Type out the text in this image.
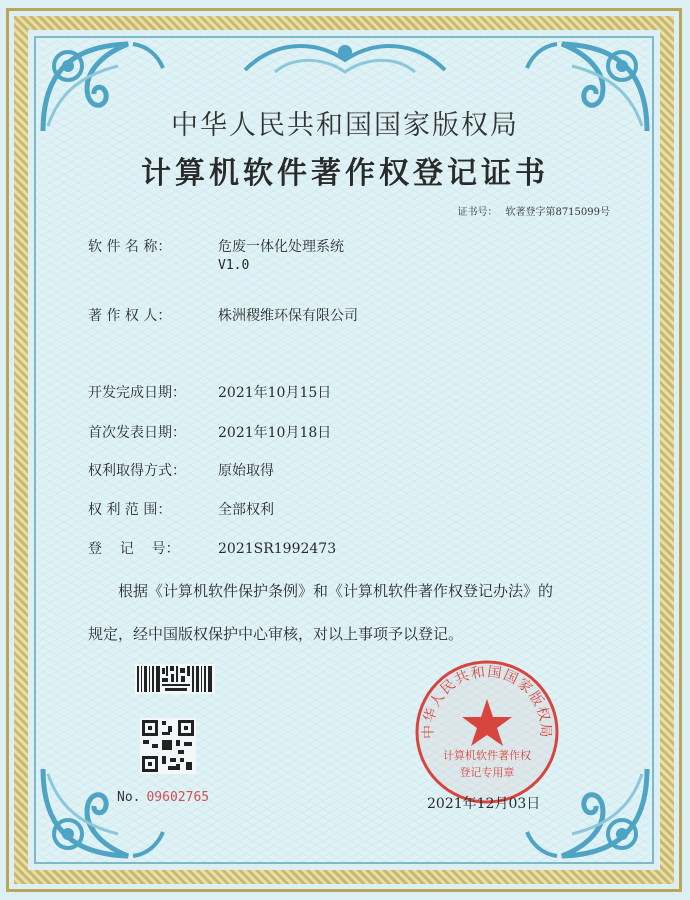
中华人民共和国国家版权局
计算机软件著作权登记证书
证书号： 软著登字第8715099号
软 件 名 称：	危废一体化处理系统
V1.0
著 作 权 人：	株洲稷维环保有限公司
开发完成日期： 2021年10月15日
首次发表日期： 2021年10月18日
权利取得方式： 原始取得
权 利 范 围：	全部权利
登    记    号：	2021SR1992473
根据《计算机软件保护条例》和《计算机软件著作权登记办法》的
规定，经中国版权保护中心审核，对以上事项予以登记。
No. 09602765
中华人民共和国国家版权局
计算机软件著作权
登记专用章
2021年12月03日
